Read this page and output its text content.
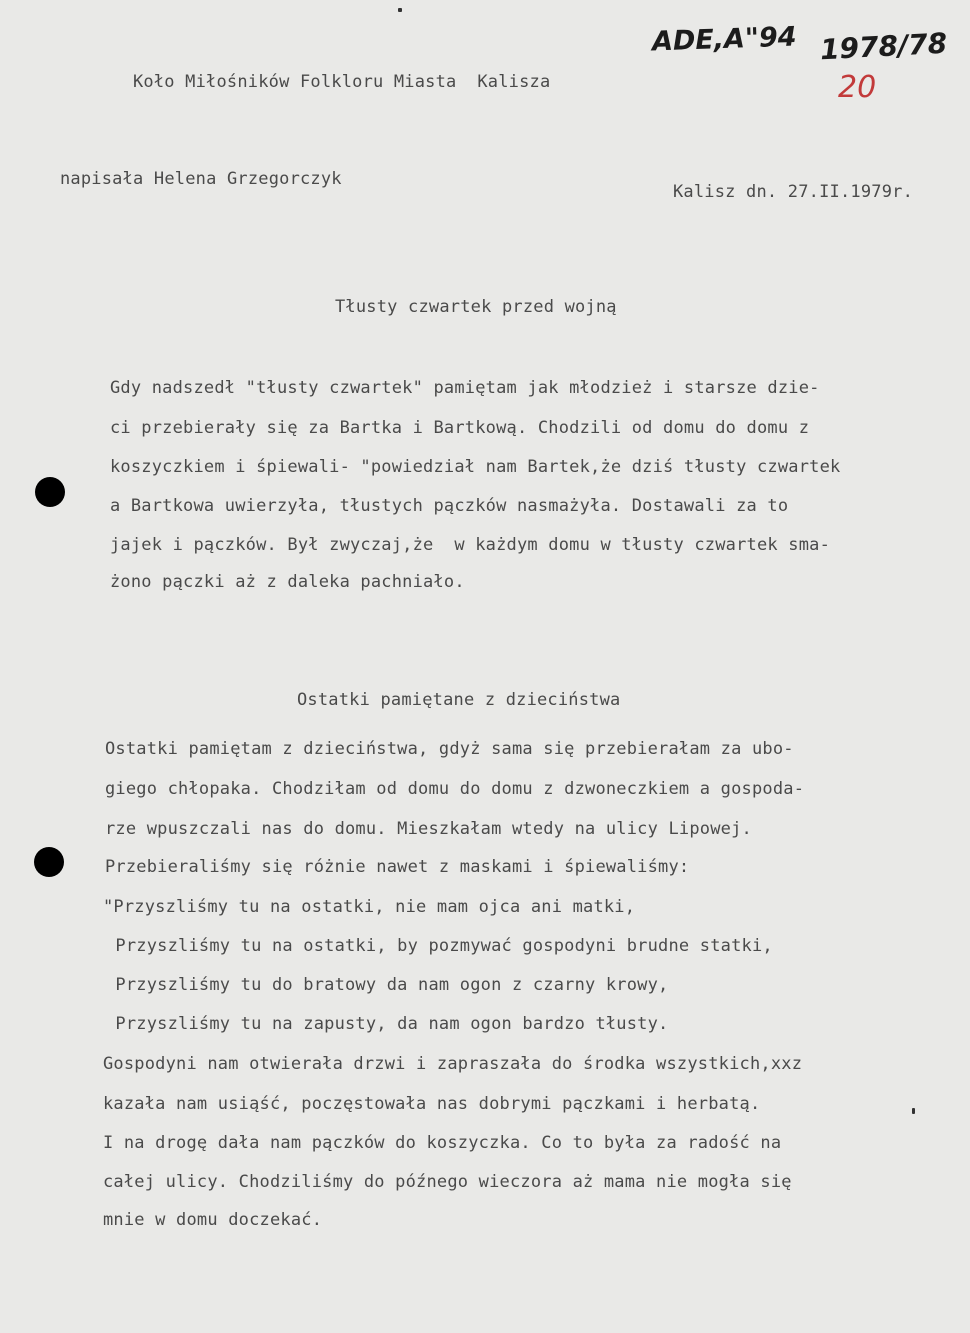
ADE,A"94 1978/78
20
Koło Miłośników Folkloru Miasta  Kalisza
napisała Helena Grzegorczyk
Kalisz dn. 27.II.1979r.
Tłusty czwartek przed wojną
Gdy nadszedł "tłusty czwartek" pamiętam jak młodzież i starsze dzie-
ci przebierały się za Bartka i Bartkową. Chodzili od domu do domu z
koszyczkiem i śpiewali- "powiedział nam Bartek,że dziś tłusty czwartek
a Bartkowa uwierzyła, tłustych pączków nasmażyła. Dostawali za to
jajek i pączków. Był zwyczaj,że  w każdym domu w tłusty czwartek sma-
żono pączki aż z daleka pachniało.
Ostatki pamiętane z dzieciństwa
Ostatki pamiętam z dzieciństwa, gdyż sama się przebierałam za ubo-
giego chłopaka. Chodziłam od domu do domu z dzwoneczkiem a gospoda-
rze wpuszczali nas do domu. Mieszkałam wtedy na ulicy Lipowej.
Przebieraliśmy się różnie nawet z maskami i śpiewaliśmy:
"Przyszliśmy tu na ostatki, nie mam ojca ani matki,
Przyszliśmy tu na ostatki, by pozmywać gospodyni brudne statki,
Przyszliśmy tu do bratowy da nam ogon z czarny krowy,
Przyszliśmy tu na zapusty, da nam ogon bardzo tłusty.
Gospodyni nam otwierała drzwi i zapraszała do środka wszystkich,xxz
kazała nam usiąść, poczęstowała nas dobrymi pączkami i herbatą.
I na drogę dała nam pączków do koszyczka. Co to była za radość na
całej ulicy. Chodziliśmy do późnego wieczora aż mama nie mogła się
mnie w domu doczekać.
